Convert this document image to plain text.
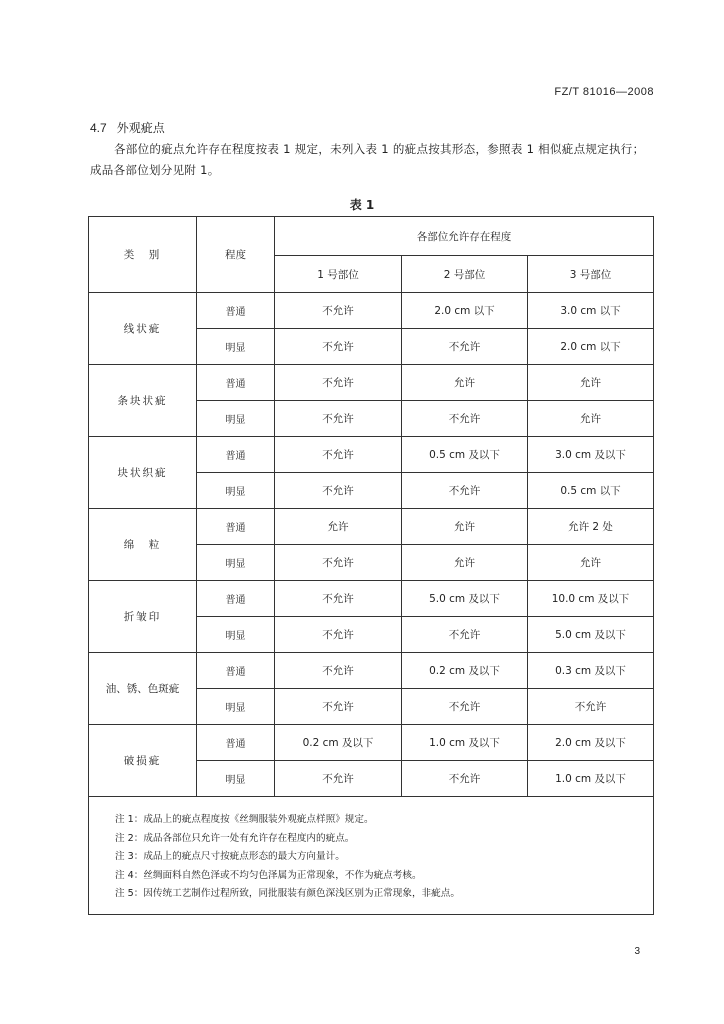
FZ/T 81016—2008
4.7 外观疵点
各部位的疵点允许存在程度按表 1 规定，未列入表 1 的疵点按其形态，参照表 1 相似疵点规定执行；成品各部位划分见附 1。
表 1
类　别	程度	各部位允许存在程度		
		1 号部位	2 号部位	3 号部位
线状疵	普通	不允许	2.0 cm 以下	3.0 cm 以下
	明显	不允许	不允许	2.0 cm 以下
条块状疵	普通	不允许	允许	允许
	明显	不允许	不允许	允许
块状织疵	普通	不允许	0.5 cm 及以下	3.0 cm 及以下
	明显	不允许	不允许	0.5 cm 以下
绵　粒	普通	允许	允许	允许 2 处
	明显	不允许	允许	允许
折皱印	普通	不允许	5.0 cm 及以下	10.0 cm 及以下
	明显	不允许	不允许	5.0 cm 及以下
油、锈、色斑疵	普通	不允许	0.2 cm 及以下	0.3 cm 及以下
	明显	不允许	不允许	不允许
破损疵	普通	0.2 cm 及以下	1.0 cm 及以下	2.0 cm 及以下
	明显	不允许	不允许	1.0 cm 及以下

注 1：成品上的疵点程度按《丝绸服装外观疵点样照》规定。
注 2：成品各部位只允许一处有允许存在程度内的疵点。
注 3：成品上的疵点尺寸按疵点形态的最大方向量计。
注 4：丝绸面料自然色泽或不均匀色泽属为正常现象，不作为疵点考核。
注 5：因传统工艺制作过程所致，同批服装有颜色深浅区别为正常现象，非疵点。				
3
